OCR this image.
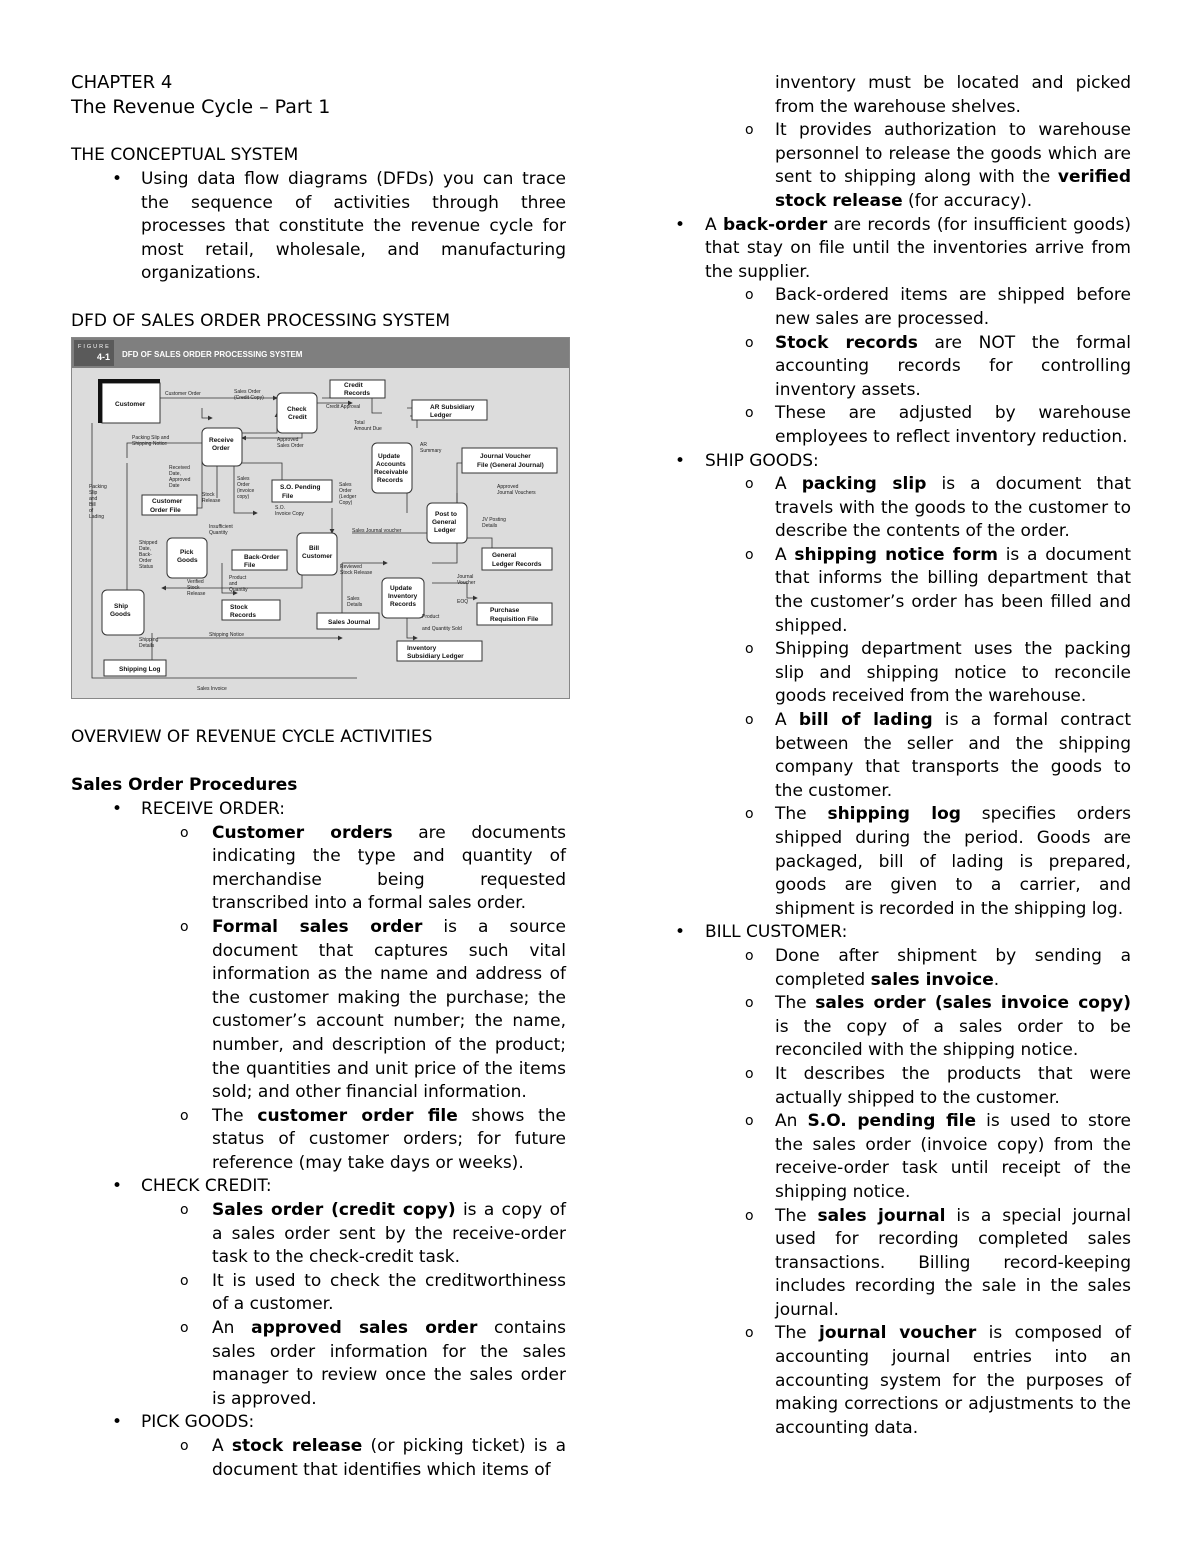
CHAPTER 4

The Revenue Cycle – Part 1

THE CONCEPTUAL SYSTEM

• Using data flow diagrams (DFDs) you can trace the sequence of activities through three processes that constitute the revenue cycle for most retail, wholesale, and manufacturing organizations.

DFD OF SALES ORDER PROCESSING SYSTEM

FIGURE
4-1 DFD OF SALES ORDER PROCESSING SYSTEM
Customer
Check
Credit
Receive
Order
Update
Accounts
Receivable
Records
Post to
General
Ledger
Pick
Goods
Bill
Customer
Update
Inventory
Records
Ship
Goods
Credit
Records
AR Subsidiary
Ledger
Journal Voucher
File (General Journal)
Customer
Order File
S.O. Pending
File
Back-Order
File
General
Ledger Records
Purchase
Requisition File
Stock
Records
Sales Journal
Inventory
Subsidiary Ledger
Shipping Log
Customer Order	Sales Order
(Credit Copy)
Credit Approval
Approved
Sales Order
Total
Amount Due
AR
Summary
Packing Slip and
Shipping Notice
Received
Date,
Approved
Date
Stock
Release
Sales
Order
(invoice
copy)
S.O.
Invoice Copy
Sales
Order
(Ledger
Copy)
Approved
Journal Vouchers
JV Posting
Details
Packing
Slip
and
Bill
of
Lading
Insufficient
Quantity
Shipped
Date,
Back-
Order
Status
Sales Journal voucher
Verified
Stock
Release
Product
and
Quantity
Reviewed
Stock Release
Journal
Voucher
EOQ
Sales
Details
Product
and Quantity Sold
Shipping
Details
Shipping Notice
Sales Invoice

OVERVIEW OF REVENUE CYCLE ACTIVITIES

Sales Order Procedures

• RECEIVE ORDER:
o Customer orders are documents indicating the type and quantity of merchandise being requested transcribed into a formal sales order.
o Formal sales order is a source document that captures such vital information as the name and address of the customer making the purchase; the customer’s account number; the name, number, and description of the product; the quantities and unit price of the items sold; and other financial information.
o The customer order file shows the status of customer orders; for future reference (may take days or weeks).
• CHECK CREDIT:
o Sales order (credit copy) is a copy of a sales order sent by the receive-order task to the check-credit task.
o It is used to check the creditworthiness of a customer.
o An approved sales order contains sales order information for the sales manager to review once the sales order is approved.
• PICK GOODS:
o A stock release (or picking ticket) is a document that identifies which items of
inventory must be located and picked from the warehouse shelves.
o It provides authorization to warehouse personnel to release the goods which are sent to shipping along with the verified stock release (for accuracy).
• A back-order are records (for insufficient goods) that stay on file until the inventories arrive from the supplier.
o Back-ordered items are shipped before new sales are processed.
o Stock records are NOT the formal accounting records for controlling inventory assets.
o These are adjusted by warehouse employees to reflect inventory reduction.
• SHIP GOODS:
o A packing slip is a document that travels with the goods to the customer to describe the contents of the order.
o A shipping notice form is a document that informs the billing department that the customer’s order has been filled and shipped.
o Shipping department uses the packing slip and shipping notice to reconcile goods received from the warehouse.
o A bill of lading is a formal contract between the seller and the shipping company that transports the goods to the customer.
o The shipping log specifies orders shipped during the period. Goods are packaged, bill of lading is prepared, goods are given to a carrier, and shipment is recorded in the shipping log.
• BILL CUSTOMER:
o Done after shipment by sending a completed sales invoice.
o The sales order (sales invoice copy) is the copy of a sales order to be reconciled with the shipping notice.
o It describes the products that were actually shipped to the customer.
o An S.O. pending file is used to store the sales order (invoice copy) from the receive-order task until receipt of the shipping notice.
o The sales journal is a special journal used for recording completed sales transactions. Billing record-keeping includes recording the sale in the sales journal.
o The journal voucher is composed of accounting journal entries into an accounting system for the purposes of making corrections or adjustments to the accounting data.
